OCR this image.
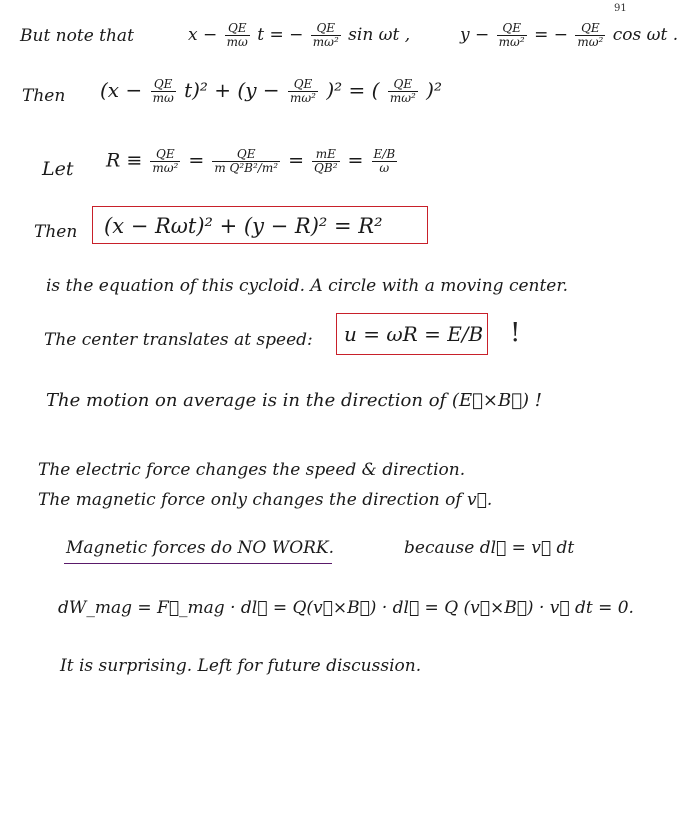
91
But note that	$x - \frac{QE}{m\omega}$ t = − $\frac{QE}{\text{mω²}}$ sin ωt ,	$y - \frac{QE}{\text{mω²}}$ = − $\frac{QE}{\text{mω²}}$ cos ωt .
Then $(x - \frac{QE}{m\omega} t)^2 + (y - \frac{QE}{\text{mω²}} )^2$ = ( $\frac{QE}{\text{mω²}} )^2$
Let $R \equiv \frac{QE}{\text{mω²}} = \frac{QE}{\text{m Q²B²/m²}} = \frac{mE}{\text{QB²}} = \frac{E/B}{\omega}$
Then (x − Rωt)² + (y − R)² = R²
is the equation of this cycloid. A circle with a moving center.
The center translates at speed: u = ωR = E/B !
The motion on average is in the direction of (E⃗×B⃗) !
The electric force changes the speed & direction.
The magnetic force only changes the direction of v⃗.
Magnetic forces do NO WORK.	because dl⃗ = v⃗ dt
dW_mag = F⃗_mag · dl⃗ = Q(v⃗×B⃗) · dl⃗ = Q (v⃗×B⃗) · v⃗ dt = 0.
It is surprising. Left for future discussion.
